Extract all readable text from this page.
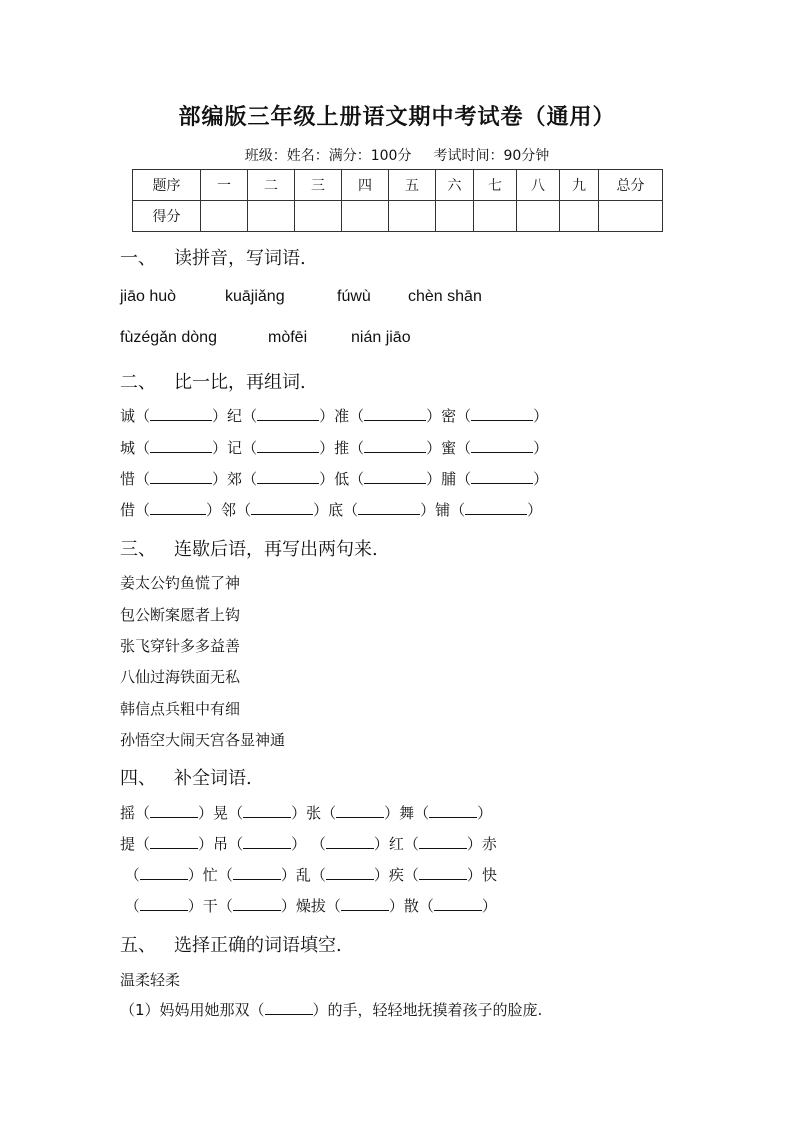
部编版三年级上册语文期中考试卷（通用）
班级：姓名：满分：100分 考试时间：90分钟
题序	一	二	三	四	五	六	七	八	九	总分
得分										
一、 读拼音，写词语.
jiāo huò	kuājiǎng	fúwù chèn shān
fùzégǎn dòng	mòfēi	nián jiāo
二、 比一比，再组词.
诚（	）纪（	）准（	）密（	）
城（	）记（	）推（	）蜜（	）
惜（	）郊（	）低（	）脯（	）
借（	）邻（	）底（	）铺（	）
三、 连歇后语，再写出两句来.
姜太公钓鱼慌了神
包公断案愿者上钩
张飞穿针多多益善
八仙过海铁面无私
韩信点兵粗中有细
孙悟空大闹天宫各显神通
四、 补全词语.
摇（	）晃（	）张（	）舞（	）
提（	）吊（	） （	）红（	）赤
（	）忙（	）乱（	）疾（	）快
（	）干（	）燥拔（	）散（	）
五、 选择正确的词语填空.
温柔轻柔
（1）妈妈用她那双（	）的手，轻轻地抚摸着孩子的脸庞.
